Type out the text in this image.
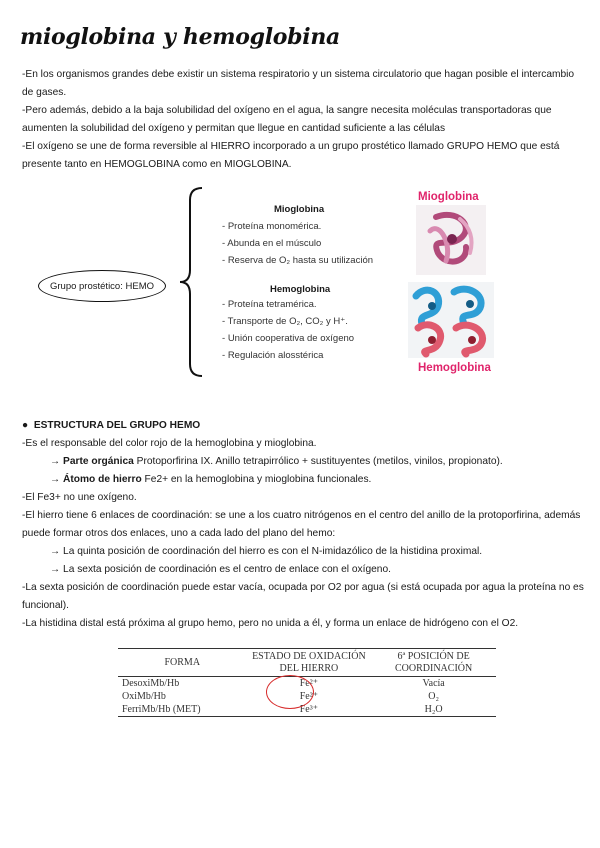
mioglobina y hemoglobina

-En los organismos grandes debe existir un sistema respiratorio y un sistema circulatorio que hagan posible el intercambio de gases.

-Pero además, debido a la baja solubilidad del oxígeno en el agua, la sangre necesita moléculas transportadoras que aumenten la solubilidad del oxígeno y permitan que llegue en cantidad suficiente a las células

-El oxígeno se une de forma reversible al HIERRO incorporado a un grupo prostético llamado GRUPO HEMO que está presente tanto en HEMOGLOBINA como en MIOGLOBINA.

Grupo prostético: HEMO
Mioglobina
- Proteína monomérica.
- Abunda en el músculo
- Reserva de O₂ hasta su utilización
Hemoglobina
- Proteína tetramérica.
- Transporte de O₂, CO₂ y H⁺.
- Unión cooperativa de oxígeno
- Regulación alosstérica
Mioglobina
Hemoglobina

●  ESTRUCTURA DEL GRUPO HEMO

-Es el responsable del color rojo de la hemoglobina y mioglobina.

→ Parte orgánica Protoporfirina IX. Anillo tetrapirrólico + sustituyentes (metilos, vinilos, propionato).

→ Átomo de hierro Fe2+ en la hemoglobina y mioglobina funcionales.

-El Fe3+ no une oxígeno.

-El hierro tiene 6 enlaces de coordinación: se une a los cuatro nitrógenos en el centro del anillo de la protoporfirina, además puede formar otros dos enlaces, uno a cada lado del plano del hemo:

→ La quinta posición de coordinación del hierro es con el N-imidazólico de la histidina proximal.

→ La sexta posición de coordinación es el centro de enlace con el oxígeno.

-La sexta posición de coordinación puede estar vacía, ocupada por O2 por agua (si está ocupada por agua la proteína no es funcional).

-La histidina distal está próxima al grupo hemo, pero no unida a él, y forma un enlace de hidrógeno con el O2.

FORMA	ESTADO DE OXIDACIÓN DEL HIERRO	6ª POSICIÓN DE COORDINACIÓN
DesoxiMb/Hb	Fe²⁺	Vacía
OxiMb/Hb	Fe²⁺	O₂
FerriMb/Hb (MET)	Fe³⁺	H₂O
